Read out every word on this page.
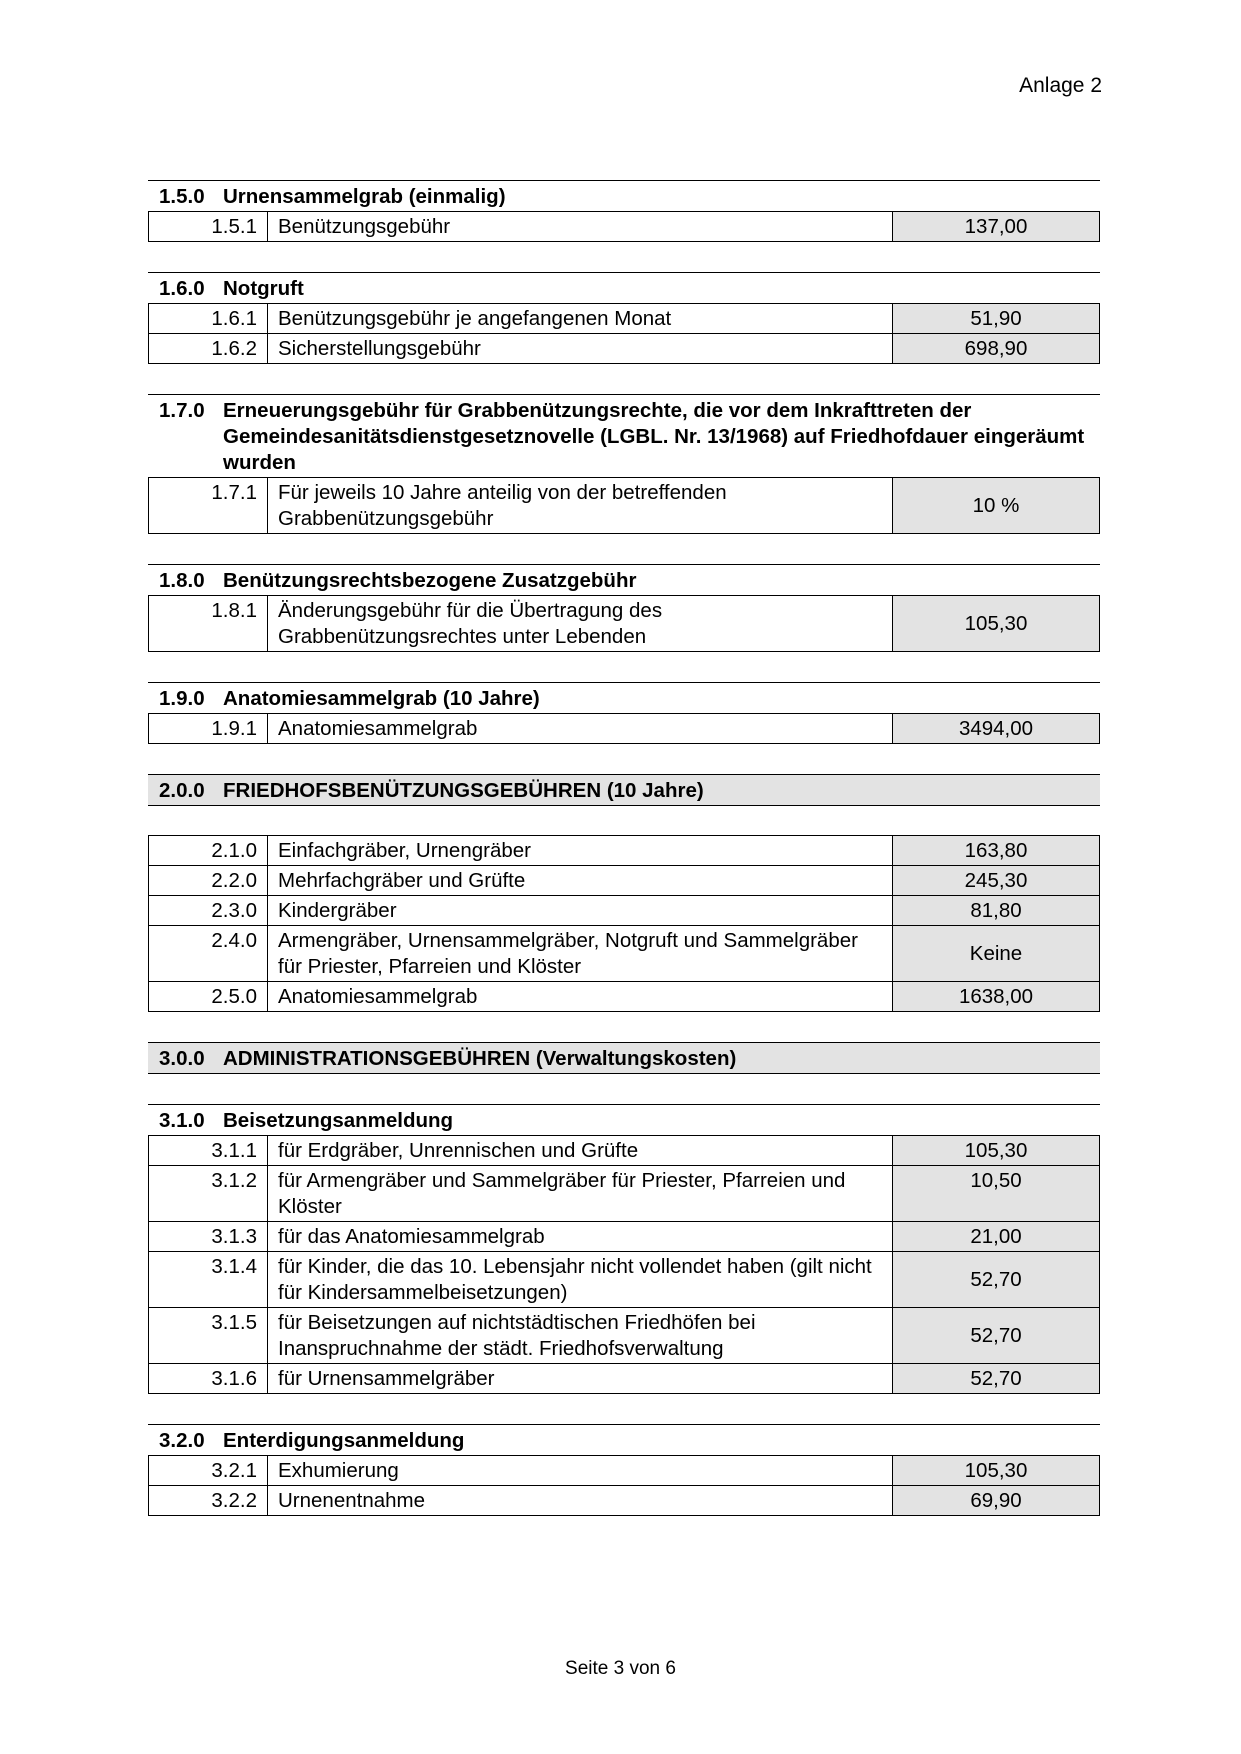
Anlage 2
1.5.0 Urnensammelgrab (einmalig)
1.5.1	Benützungsgebühr	137,00
1.6.0 Notgruft
1.6.1	Benützungsgebühr je angefangenen Monat	51,90
1.6.2	Sicherstellungsgebühr	698,90
1.7.0 Erneuerungsgebühr für Grabbenützungsrechte, die vor dem Inkrafttreten der Gemeindesanitätsdienstgesetznovelle (LGBL. Nr. 13/1968) auf Friedhofdauer eingeräumt wurden
1.7.1	Für jeweils 10 Jahre anteilig von der betreffenden Grabbenützungsgebühr	10 %
1.8.0 Benützungsrechtsbezogene Zusatzgebühr
1.8.1	Änderungsgebühr für die Übertragung des Grabbenützungsrechtes unter Lebenden	105,30
1.9.0 Anatomiesammelgrab (10 Jahre)
1.9.1	Anatomiesammelgrab	3494,00
2.0.0 FRIEDHOFSBENÜTZUNGSGEBÜHREN (10 Jahre)
2.1.0	Einfachgräber, Urnengräber	163,80
2.2.0	Mehrfachgräber und Grüfte	245,30
2.3.0	Kindergräber	81,80
2.4.0	Armengräber, Urnensammelgräber, Notgruft und Sammelgräber für Priester, Pfarreien und Klöster	Keine
2.5.0	Anatomiesammelgrab	1638,00
3.0.0 ADMINISTRATIONSGEBÜHREN (Verwaltungskosten)
3.1.0 Beisetzungsanmeldung
3.1.1	für Erdgräber, Unrennischen und Grüfte	105,30
3.1.2	für Armengräber und Sammelgräber für Priester, Pfarreien und Klöster	10,50
3.1.3	für das Anatomiesammelgrab	21,00
3.1.4	für Kinder, die das 10. Lebensjahr nicht vollendet haben (gilt nicht für Kindersammelbeisetzungen)	52,70
3.1.5	für Beisetzungen auf nichtstädtischen Friedhöfen bei Inanspruchnahme der städt. Friedhofsverwaltung	52,70
3.1.6	für Urnensammelgräber	52,70
3.2.0 Enterdigungsanmeldung
3.2.1	Exhumierung	105,30
3.2.2	Urnenentnahme	69,90
Seite 3 von 6
